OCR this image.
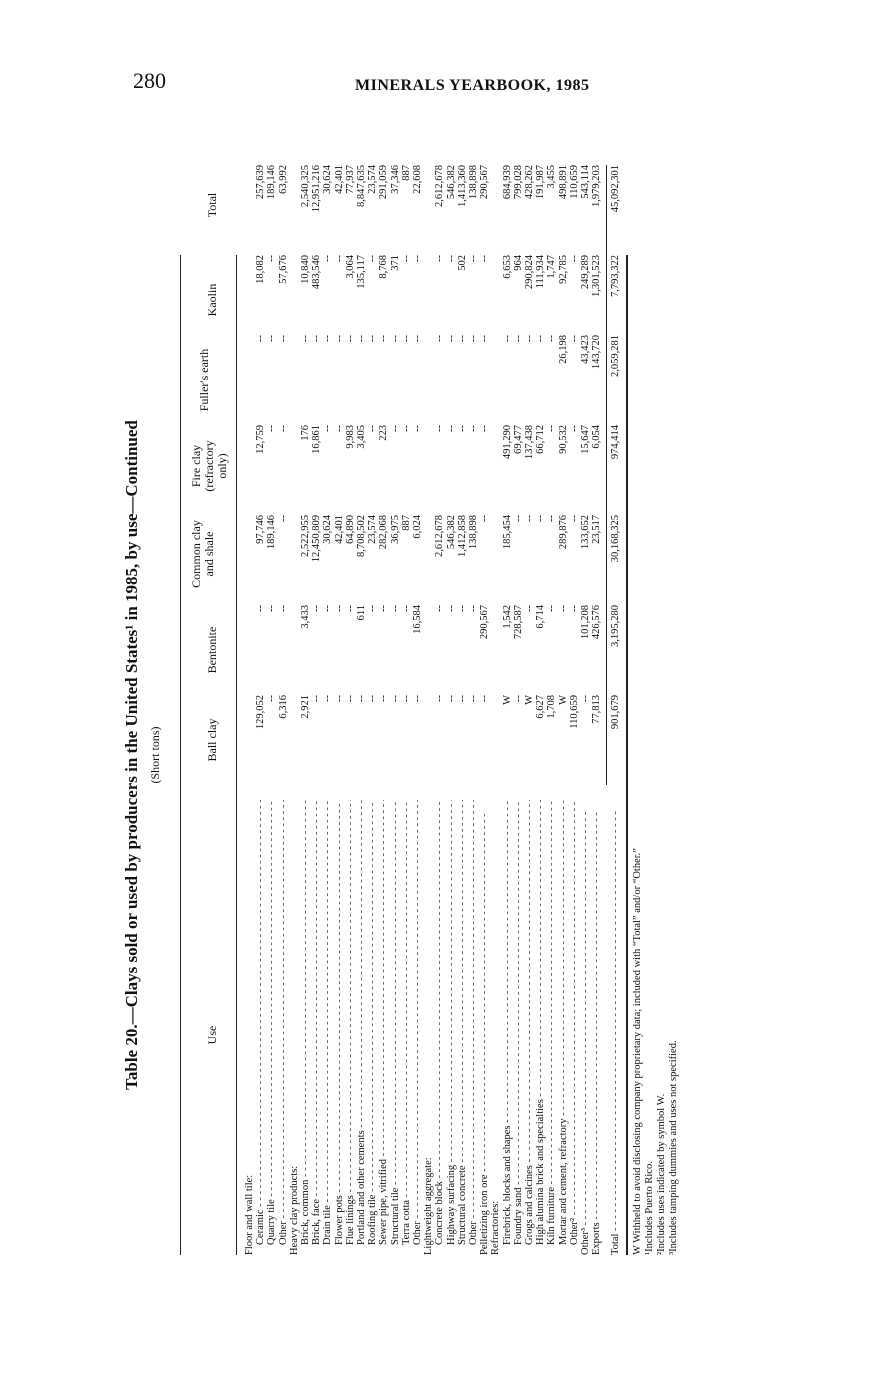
280	MINERALS YEARBOOK, 1985
Table 20.—Clays sold or used by producers in the United States¹ in 1985, by use—Continued (Short tons)
Use
Ball clay
Bentonite
Common clay and shale
Fire clay (refractory only)
Fuller's earth
Kaolin
Total
Floor and wall tile: Ceramic - - -
129,052
--
97,746
12,759
--
18,082
257,639
Quarry tile - - -
--
--
189,146
--
--
--
189,146
Other - - -
6,316
--
--
--
--
57,676
63,992
Heavy clay products: Brick, common - - -
2,921
3,433
2,522,955
176
--
10,840
2,540,325
Brick, face - - -
--
--
12,450,809
16,861
--
483,546
12,951,216
Drain tile - - -
--
--
30,624
--
--
--
30,624
Flower pots - - -
--
--
42,401
--
--
--
42,401
Flue linings - - -
--
--
64,890
9,983
--
3,064
77,937
Portland and other cements - - -
--
611
8,708,502
3,405
--
135,117
8,847,635
Roofing tile - - -
--
--
23,574
--
--
--
23,574
Sewer pipe, vitrified - - -
--
--
282,068
223
--
8,768
291,059
Structural tile - - -
--
--
36,975
--
--
371
37,346
Terra cotta - - -
--
--
887
--
--
--
887
Other - - -
--
16,584
6,024
--
--
--
22,608
Lightweight aggregate: Concrete block - - -
--
--
2,612,678
--
--
--
2,612,678
Highway surfacing - - -
--
--
546,382
--
--
--
546,382
Structural concrete - - -
--
--
1,412,858
--
--
502
1,413,360
Other - - -
--
--
138,898
--
--
--
138,898
Pelletizing iron ore - - -
--
290,567
--
--
--
--
290,567
Refractories: Firebrick, blocks and shapes - - -
W
1,542
185,454
491,290
--
6,653
684,939
Foundry sand - - -
--
728,587
--
69,477
--
964
799,028
Grogs and calcines - - -
W
--
--
137,438
--
290,824
428,262
High alumina brick and specialties - - -
6,627
6,714
--
66,712
--
111,934
191,987
Kiln furniture - - -
1,708
--
--
--
--
1,747
3,455
Mortar and cement, refractory - - -
W
--
289,876
90,532
26,198
92,785
498,891
Other² - - -
110,659
--
--
--
--
--
110,659
Other³ - - -
--
101,208
133,652
15,647
43,423
249,289
543,114
Exports - - -
77,813
426,576
23,517
6,054
143,720
1,301,523
1,979,203
Total - - -
901,679
3,195,280
30,168,325
974,414
2,059,281
7,793,322
45,092,301
W Withheld to avoid disclosing company proprietary data; included with “Total” and/or “Other.” ¹Includes Puerto Rico. ²Includes uses indicated by symbol W. ³Includes tamping dummies and uses not specified.
